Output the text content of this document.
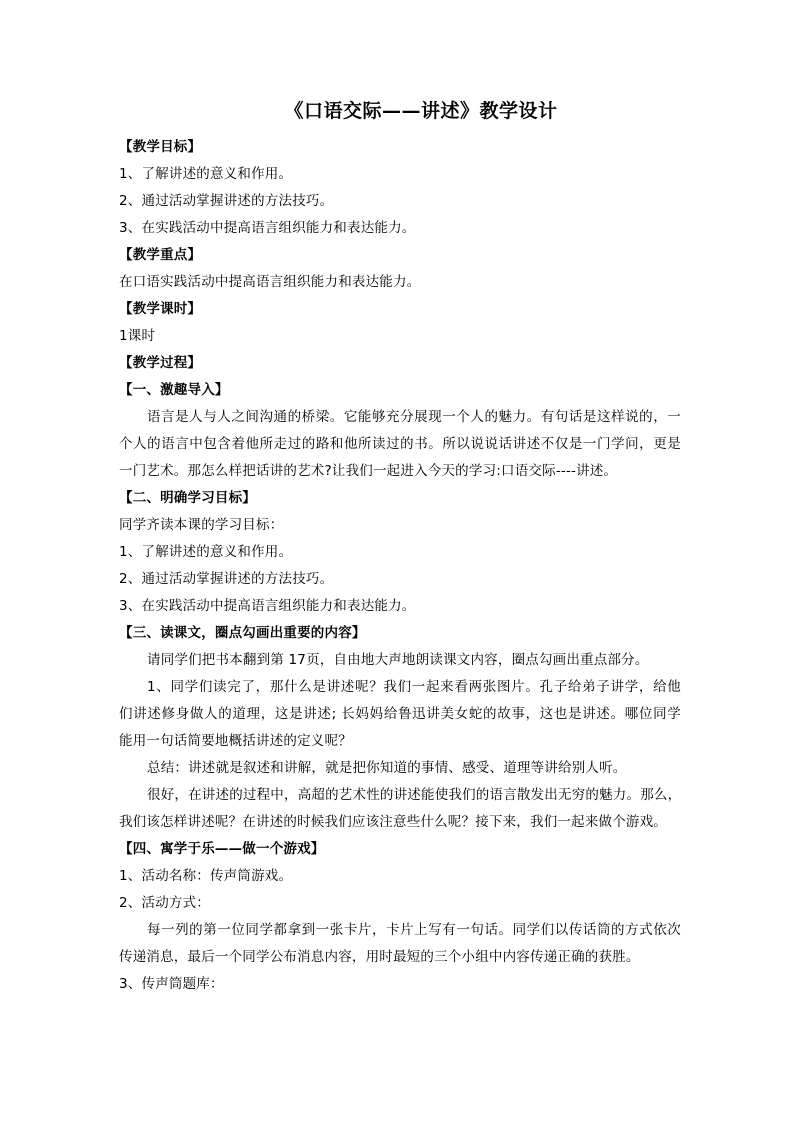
《口语交际——讲述》教学设计
【教学目标】
1、了解讲述的意义和作用。
2、通过活动掌握讲述的方法技巧。
3、在实践活动中提高语言组织能力和表达能力。
【教学重点】
在口语实践活动中提高语言组织能力和表达能力。
【教学课时】
1课时
【教学过程】
【一、激趣导入】
语言是人与人之间沟通的桥梁。它能够充分展现一个人的魅力。有句话是这样说的，一
个人的语言中包含着他所走过的路和他所读过的书。所以说说话讲述不仅是一门学问，更是
一门艺术。那怎么样把话讲的艺术?让我们一起进入今天的学习:口语交际----讲述。
【二、明确学习目标】
同学齐读本课的学习目标：
1、了解讲述的意义和作用。
2、通过活动掌握讲述的方法技巧。
3、在实践活动中提高语言组织能力和表达能力。
【三、读课文，圈点勾画出重要的内容】
请同学们把书本翻到第 17页，自由地大声地朗读课文内容，圈点勾画出重点部分。
1、同学们读完了，那什么是讲述呢？我们一起来看两张图片。孔子给弟子讲学，给他
们讲述修身做人的道理，这是讲述; 长妈妈给鲁迅讲美女蛇的故事，这也是讲述。哪位同学
能用一句话简要地概括讲述的定义呢？
总结：讲述就是叙述和讲解，就是把你知道的事情、感受、道理等讲给别人听。
很好，在讲述的过程中，高超的艺术性的讲述能使我们的语言散发出无穷的魅力。那么，
我们该怎样讲述呢？在讲述的时候我们应该注意些什么呢？接下来，我们一起来做个游戏。
【四、寓学于乐——做一个游戏】
1、活动名称：传声筒游戏。
2、活动方式：
每一列的第一位同学都拿到一张卡片，卡片上写有一句话。同学们以传话筒的方式依次
传递消息，最后一个同学公布消息内容，用时最短的三个小组中内容传递正确的获胜。
3、传声筒题库：
